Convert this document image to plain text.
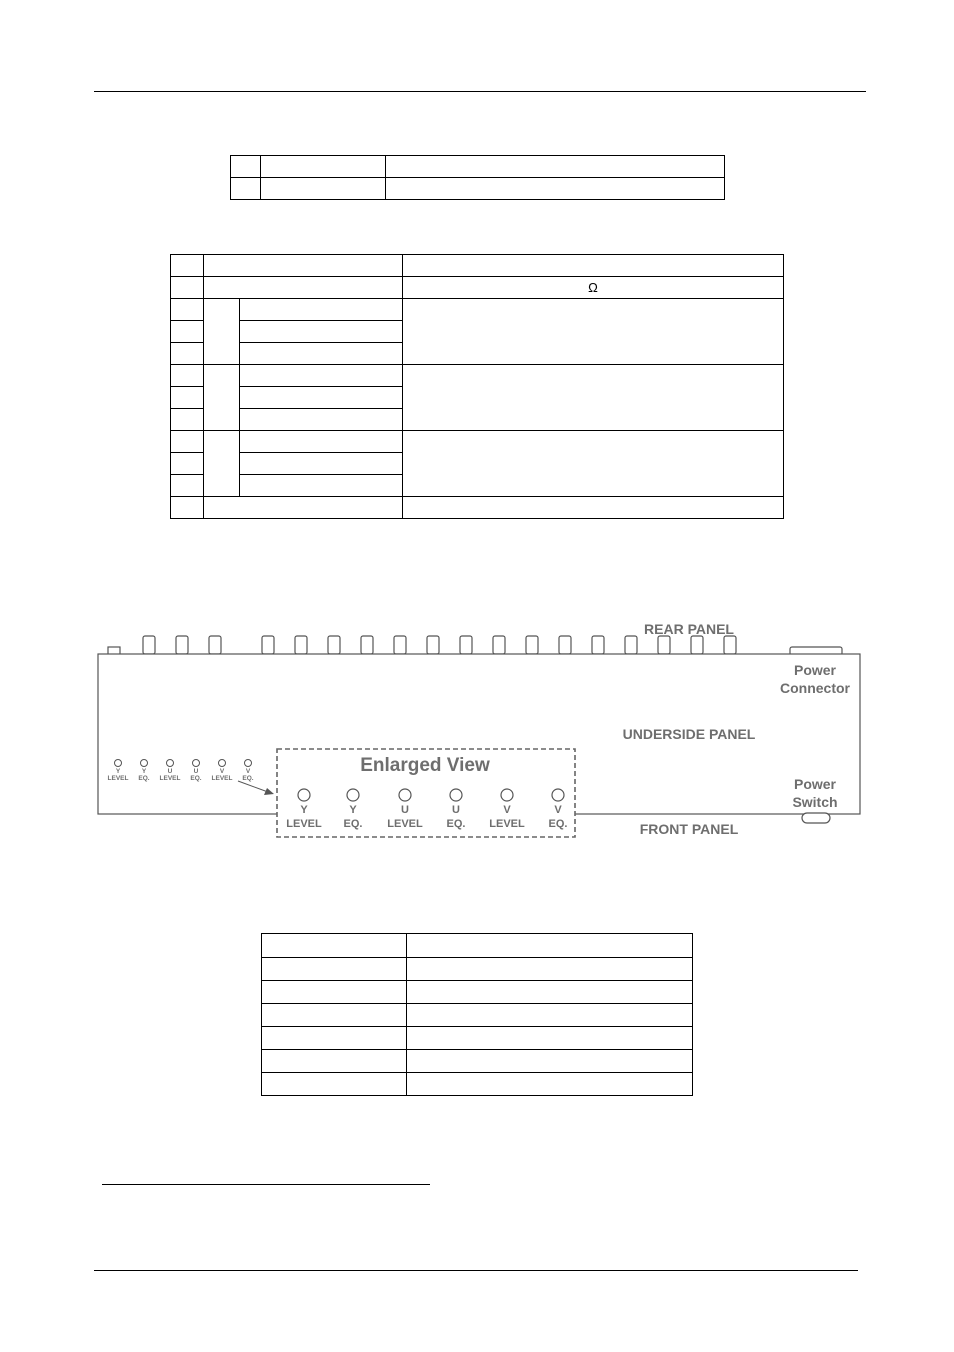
			Ω

Y
LEVEL
Y
EQ.
U
LEVEL
U
EQ.
V
LEVEL
V
EQ.
Enlarged View
Y
LEVEL
Y
EQ.
U
LEVEL
U
EQ.
V
LEVEL
V
EQ.
REAR PANEL
Power
Connector
UNDERSIDE PANEL
Power
Switch
FRONT PANEL
